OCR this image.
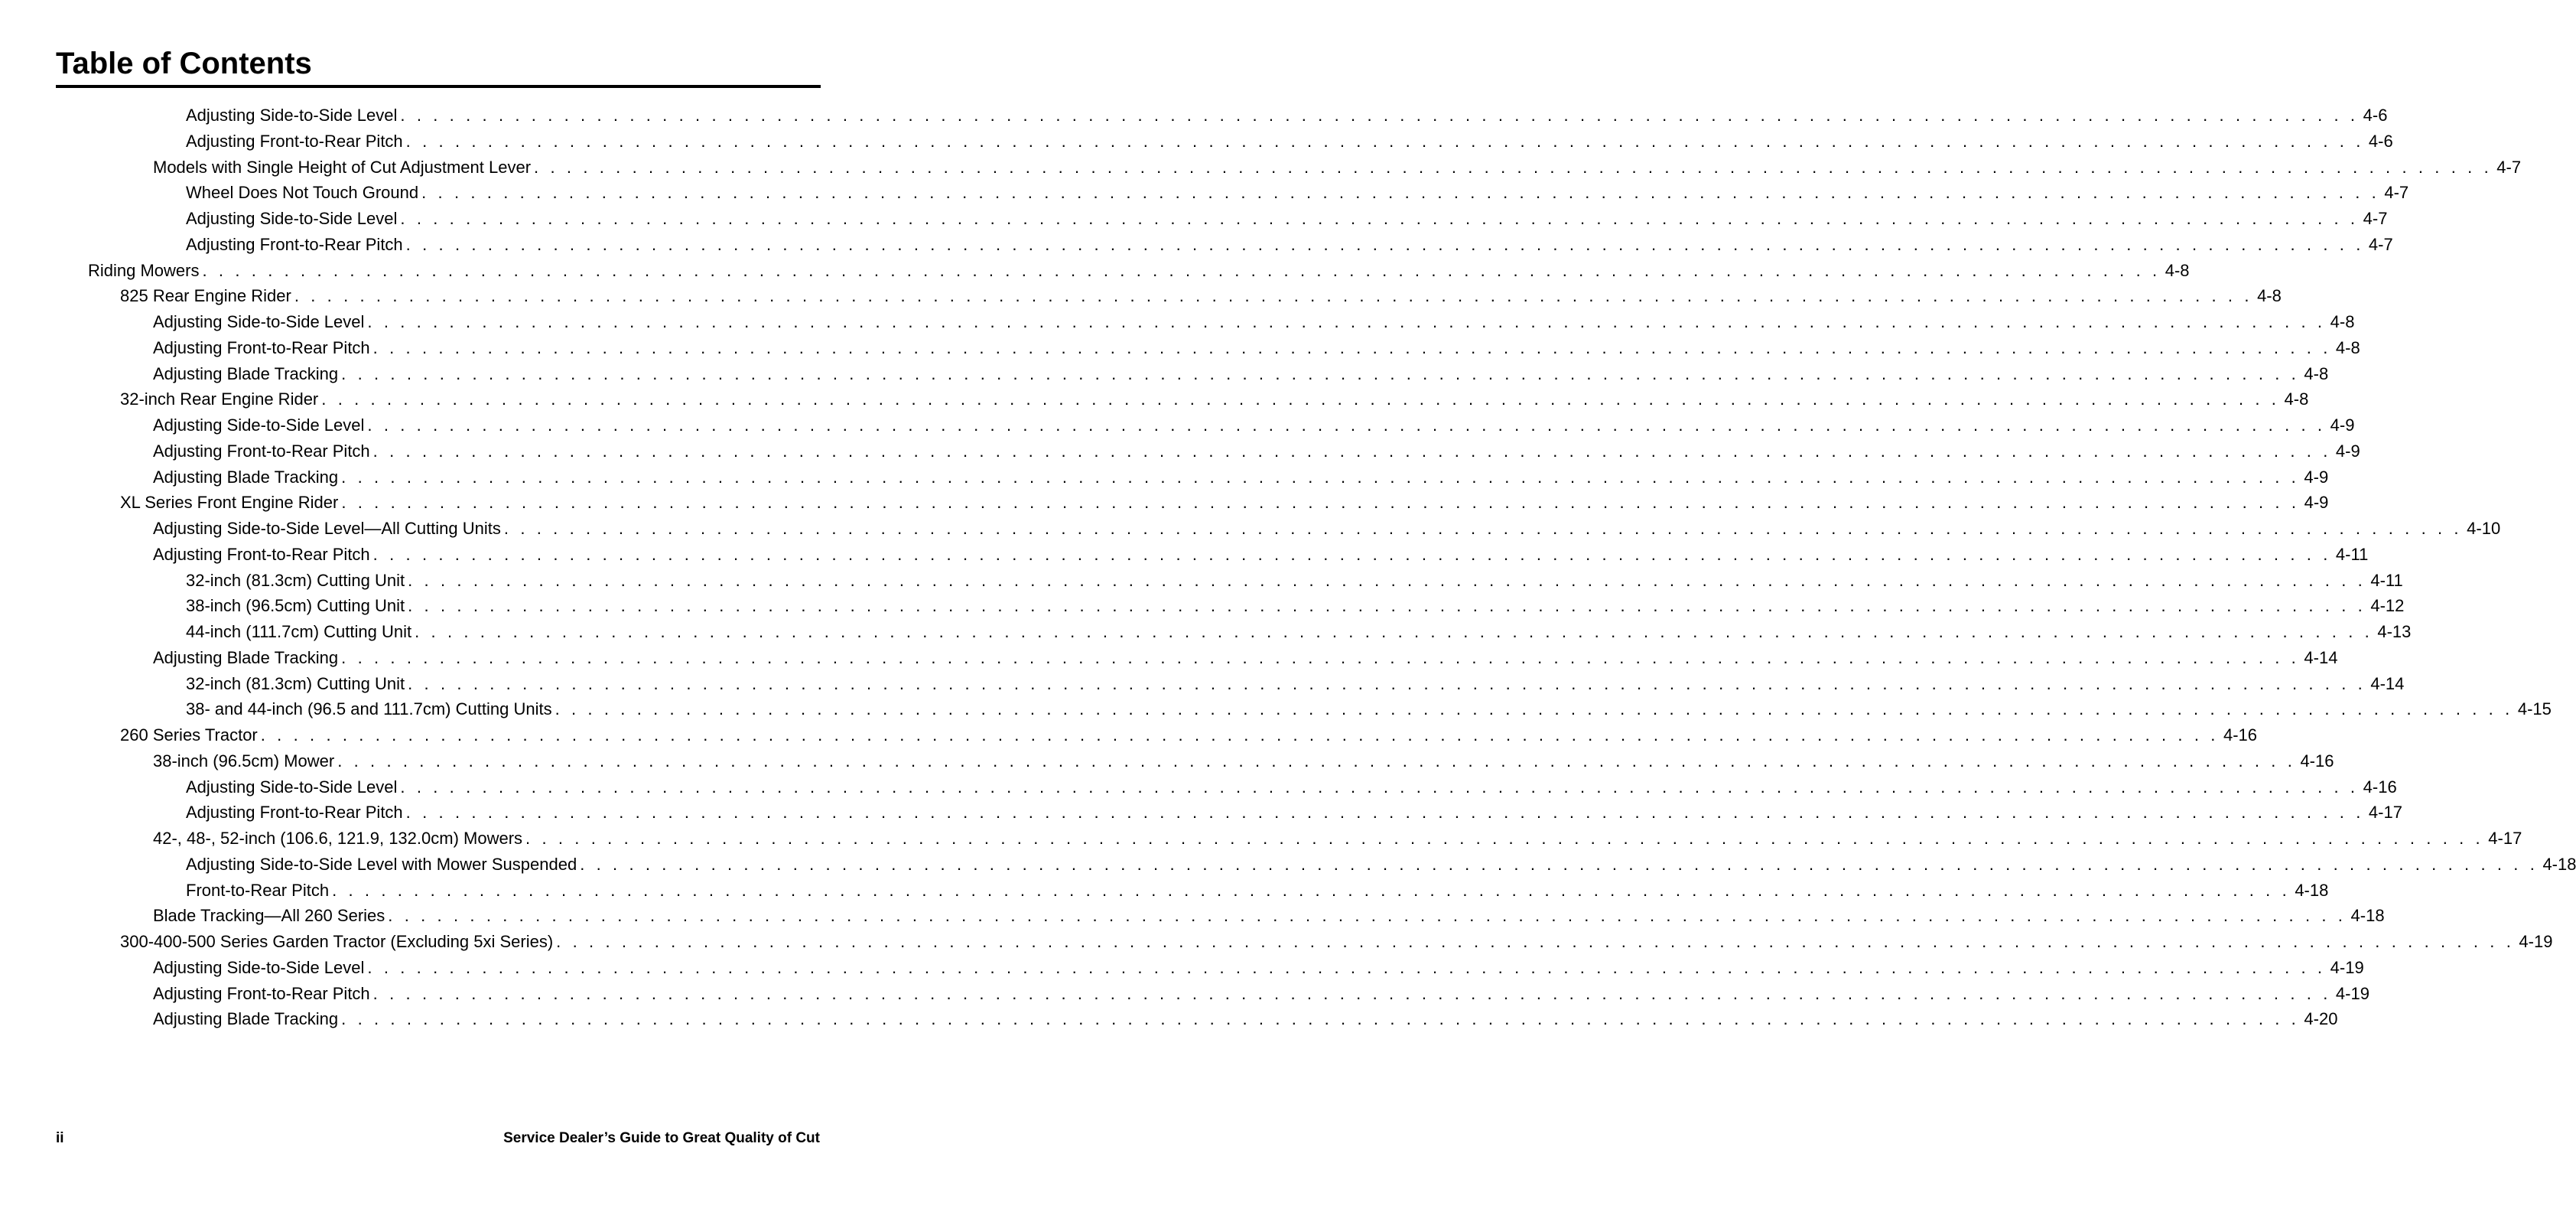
Table of Contents
Adjusting Side-to-Side Level . . . . . . . . . . . . . . . . . . . . . . . . . . . . . . . . . . . . . . . . . . . . . . . . . . . . . . . . . . . . . . . . . . . . . . . . . . . . . . . . . . . . . . . . . . . . . . . . . . . . . . . . . . . . . . . . . . . . . . . . 4-6
Adjusting Front-to-Rear Pitch . . . . . . . . . . . . . . . . . . . . . . . . . . . . . . . . . . . . . . . . . . . . . . . . . . . . . . . . . . . . . . . . . . . . . . . . . . . . . . . . . . . . . . . . . . . . . . . . . . . . . . . . . . . . . . . . . . . . . . . . 4-6
Models with Single Height of Cut Adjustment Lever . . . . . . . . . . . . . . . . . . . . . . . . . . . . . . . . . . . . . . . . . . . . . . . . . . . . . . . . . . . . . . . . . . . . . . . . . . . . . . . . . . . . . . . . . . . . . . . . . . . . . . . . . . . . . . . . . . . . . . . . 4-7
Wheel Does Not Touch Ground . . . . . . . . . . . . . . . . . . . . . . . . . . . . . . . . . . . . . . . . . . . . . . . . . . . . . . . . . . . . . . . . . . . . . . . . . . . . . . . . . . . . . . . . . . . . . . . . . . . . . . . . . . . . . . . . . . . . . . . . 4-7
Adjusting Side-to-Side Level . . . . . . . . . . . . . . . . . . . . . . . . . . . . . . . . . . . . . . . . . . . . . . . . . . . . . . . . . . . . . . . . . . . . . . . . . . . . . . . . . . . . . . . . . . . . . . . . . . . . . . . . . . . . . . . . . . . . . . . . 4-7
Adjusting Front-to-Rear Pitch . . . . . . . . . . . . . . . . . . . . . . . . . . . . . . . . . . . . . . . . . . . . . . . . . . . . . . . . . . . . . . . . . . . . . . . . . . . . . . . . . . . . . . . . . . . . . . . . . . . . . . . . . . . . . . . . . . . . . . . . 4-7
Riding Mowers . . . . . . . . . . . . . . . . . . . . . . . . . . . . . . . . . . . . . . . . . . . . . . . . . . . . . . . . . . . . . . . . . . . . . . . . . . . . . . . . . . . . . . . . . . . . . . . . . . . . . . . . . . . . . . . . . . . . . . . . 4-8
825 Rear Engine Rider . . . . . . . . . . . . . . . . . . . . . . . . . . . . . . . . . . . . . . . . . . . . . . . . . . . . . . . . . . . . . . . . . . . . . . . . . . . . . . . . . . . . . . . . . . . . . . . . . . . . . . . . . . . . . . . . . . . . . . . . 4-8
Adjusting Side-to-Side Level . . . . . . . . . . . . . . . . . . . . . . . . . . . . . . . . . . . . . . . . . . . . . . . . . . . . . . . . . . . . . . . . . . . . . . . . . . . . . . . . . . . . . . . . . . . . . . . . . . . . . . . . . . . . . . . . . . . . . . . . 4-8
Adjusting Front-to-Rear Pitch . . . . . . . . . . . . . . . . . . . . . . . . . . . . . . . . . . . . . . . . . . . . . . . . . . . . . . . . . . . . . . . . . . . . . . . . . . . . . . . . . . . . . . . . . . . . . . . . . . . . . . . . . . . . . . . . . . . . . . . . 4-8
Adjusting Blade Tracking . . . . . . . . . . . . . . . . . . . . . . . . . . . . . . . . . . . . . . . . . . . . . . . . . . . . . . . . . . . . . . . . . . . . . . . . . . . . . . . . . . . . . . . . . . . . . . . . . . . . . . . . . . . . . . . . . . . . . . . . 4-8
32-inch Rear Engine Rider . . . . . . . . . . . . . . . . . . . . . . . . . . . . . . . . . . . . . . . . . . . . . . . . . . . . . . . . . . . . . . . . . . . . . . . . . . . . . . . . . . . . . . . . . . . . . . . . . . . . . . . . . . . . . . . . . . . . . . . . 4-8
Adjusting Side-to-Side Level . . . . . . . . . . . . . . . . . . . . . . . . . . . . . . . . . . . . . . . . . . . . . . . . . . . . . . . . . . . . . . . . . . . . . . . . . . . . . . . . . . . . . . . . . . . . . . . . . . . . . . . . . . . . . . . . . . . . . . . . 4-9
Adjusting Front-to-Rear Pitch . . . . . . . . . . . . . . . . . . . . . . . . . . . . . . . . . . . . . . . . . . . . . . . . . . . . . . . . . . . . . . . . . . . . . . . . . . . . . . . . . . . . . . . . . . . . . . . . . . . . . . . . . . . . . . . . . . . . . . . . 4-9
Adjusting Blade Tracking . . . . . . . . . . . . . . . . . . . . . . . . . . . . . . . . . . . . . . . . . . . . . . . . . . . . . . . . . . . . . . . . . . . . . . . . . . . . . . . . . . . . . . . . . . . . . . . . . . . . . . . . . . . . . . . . . . . . . . . . 4-9
XL Series Front Engine Rider . . . . . . . . . . . . . . . . . . . . . . . . . . . . . . . . . . . . . . . . . . . . . . . . . . . . . . . . . . . . . . . . . . . . . . . . . . . . . . . . . . . . . . . . . . . . . . . . . . . . . . . . . . . . . . . . . . . . . . . . 4-9
Adjusting Side-to-Side Level—All Cutting Units . . . . . . . . . . . . . . . . . . . . . . . . . . . . . . . . . . . . . . . . . . . . . . . . . . . . . . . . . . . . . . . . . . . . . . . . . . . . . . . . . . . . . . . . . . . . . . . . . . . . . . . . . . . . . . . . . . . . . . . . 4-10
Adjusting Front-to-Rear Pitch . . . . . . . . . . . . . . . . . . . . . . . . . . . . . . . . . . . . . . . . . . . . . . . . . . . . . . . . . . . . . . . . . . . . . . . . . . . . . . . . . . . . . . . . . . . . . . . . . . . . . . . . . . . . . . . . . . . . . . . . 4-11
32-inch (81.3cm) Cutting Unit . . . . . . . . . . . . . . . . . . . . . . . . . . . . . . . . . . . . . . . . . . . . . . . . . . . . . . . . . . . . . . . . . . . . . . . . . . . . . . . . . . . . . . . . . . . . . . . . . . . . . . . . . . . . . . . . . . . . . . . . 4-11
38-inch (96.5cm) Cutting Unit . . . . . . . . . . . . . . . . . . . . . . . . . . . . . . . . . . . . . . . . . . . . . . . . . . . . . . . . . . . . . . . . . . . . . . . . . . . . . . . . . . . . . . . . . . . . . . . . . . . . . . . . . . . . . . . . . . . . . . . . 4-12
44-inch (111.7cm) Cutting Unit . . . . . . . . . . . . . . . . . . . . . . . . . . . . . . . . . . . . . . . . . . . . . . . . . . . . . . . . . . . . . . . . . . . . . . . . . . . . . . . . . . . . . . . . . . . . . . . . . . . . . . . . . . . . . . . . . . . . . . . . 4-13
Adjusting Blade Tracking . . . . . . . . . . . . . . . . . . . . . . . . . . . . . . . . . . . . . . . . . . . . . . . . . . . . . . . . . . . . . . . . . . . . . . . . . . . . . . . . . . . . . . . . . . . . . . . . . . . . . . . . . . . . . . . . . . . . . . . . 4-14
32-inch (81.3cm) Cutting Unit . . . . . . . . . . . . . . . . . . . . . . . . . . . . . . . . . . . . . . . . . . . . . . . . . . . . . . . . . . . . . . . . . . . . . . . . . . . . . . . . . . . . . . . . . . . . . . . . . . . . . . . . . . . . . . . . . . . . . . . . 4-14
38- and 44-inch (96.5 and 111.7cm) Cutting Units . . . . . . . . . . . . . . . . . . . . . . . . . . . . . . . . . . . . . . . . . . . . . . . . . . . . . . . . . . . . . . . . . . . . . . . . . . . . . . . . . . . . . . . . . . . . . . . . . . . . . . . . . . . . . . . . . . . . . . . . 4-15
260 Series Tractor . . . . . . . . . . . . . . . . . . . . . . . . . . . . . . . . . . . . . . . . . . . . . . . . . . . . . . . . . . . . . . . . . . . . . . . . . . . . . . . . . . . . . . . . . . . . . . . . . . . . . . . . . . . . . . . . . . . . . . . . 4-16
38-inch (96.5cm) Mower . . . . . . . . . . . . . . . . . . . . . . . . . . . . . . . . . . . . . . . . . . . . . . . . . . . . . . . . . . . . . . . . . . . . . . . . . . . . . . . . . . . . . . . . . . . . . . . . . . . . . . . . . . . . . . . . . . . . . . . . 4-16
Adjusting Side-to-Side Level . . . . . . . . . . . . . . . . . . . . . . . . . . . . . . . . . . . . . . . . . . . . . . . . . . . . . . . . . . . . . . . . . . . . . . . . . . . . . . . . . . . . . . . . . . . . . . . . . . . . . . . . . . . . . . . . . . . . . . . . 4-16
Adjusting Front-to-Rear Pitch . . . . . . . . . . . . . . . . . . . . . . . . . . . . . . . . . . . . . . . . . . . . . . . . . . . . . . . . . . . . . . . . . . . . . . . . . . . . . . . . . . . . . . . . . . . . . . . . . . . . . . . . . . . . . . . . . . . . . . . . 4-17
42-, 48-, 52-inch (106.6, 121.9, 132.0cm) Mowers . . . . . . . . . . . . . . . . . . . . . . . . . . . . . . . . . . . . . . . . . . . . . . . . . . . . . . . . . . . . . . . . . . . . . . . . . . . . . . . . . . . . . . . . . . . . . . . . . . . . . . . . . . . . . . . . . . . . . . . . 4-17
Adjusting Side-to-Side Level with Mower Suspended . . . . . . . . . . . . . . . . . . . . . . . . . . . . . . . . . . . . . . . . . . . . . . . . . . . . . . . . . . . . . . . . . . . . . . . . . . . . . . . . . . . . . . . . . . . . . . . . . . . . . . . . . . . . . . . . . . . . . . . . 4-18
Front-to-Rear Pitch . . . . . . . . . . . . . . . . . . . . . . . . . . . . . . . . . . . . . . . . . . . . . . . . . . . . . . . . . . . . . . . . . . . . . . . . . . . . . . . . . . . . . . . . . . . . . . . . . . . . . . . . . . . . . . . . . . . . . . . . 4-18
Blade Tracking—All 260 Series . . . . . . . . . . . . . . . . . . . . . . . . . . . . . . . . . . . . . . . . . . . . . . . . . . . . . . . . . . . . . . . . . . . . . . . . . . . . . . . . . . . . . . . . . . . . . . . . . . . . . . . . . . . . . . . . . . . . . . . . 4-18
300-400-500 Series Garden Tractor (Excluding 5xi Series) . . . . . . . . . . . . . . . . . . . . . . . . . . . . . . . . . . . . . . . . . . . . . . . . . . . . . . . . . . . . . . . . . . . . . . . . . . . . . . . . . . . . . . . . . . . . . . . . . . . . . . . . . . . . . . . . . . . . . . . . 4-19
Adjusting Side-to-Side Level . . . . . . . . . . . . . . . . . . . . . . . . . . . . . . . . . . . . . . . . . . . . . . . . . . . . . . . . . . . . . . . . . . . . . . . . . . . . . . . . . . . . . . . . . . . . . . . . . . . . . . . . . . . . . . . . . . . . . . . . 4-19
Adjusting Front-to-Rear Pitch . . . . . . . . . . . . . . . . . . . . . . . . . . . . . . . . . . . . . . . . . . . . . . . . . . . . . . . . . . . . . . . . . . . . . . . . . . . . . . . . . . . . . . . . . . . . . . . . . . . . . . . . . . . . . . . . . . . . . . . . 4-19
Adjusting Blade Tracking . . . . . . . . . . . . . . . . . . . . . . . . . . . . . . . . . . . . . . . . . . . . . . . . . . . . . . . . . . . . . . . . . . . . . . . . . . . . . . . . . . . . . . . . . . . . . . . . . . . . . . . . . . . . . . . . . . . . . . . . 4-20
ii	Service Dealer’s Guide to Great Quality of Cut
